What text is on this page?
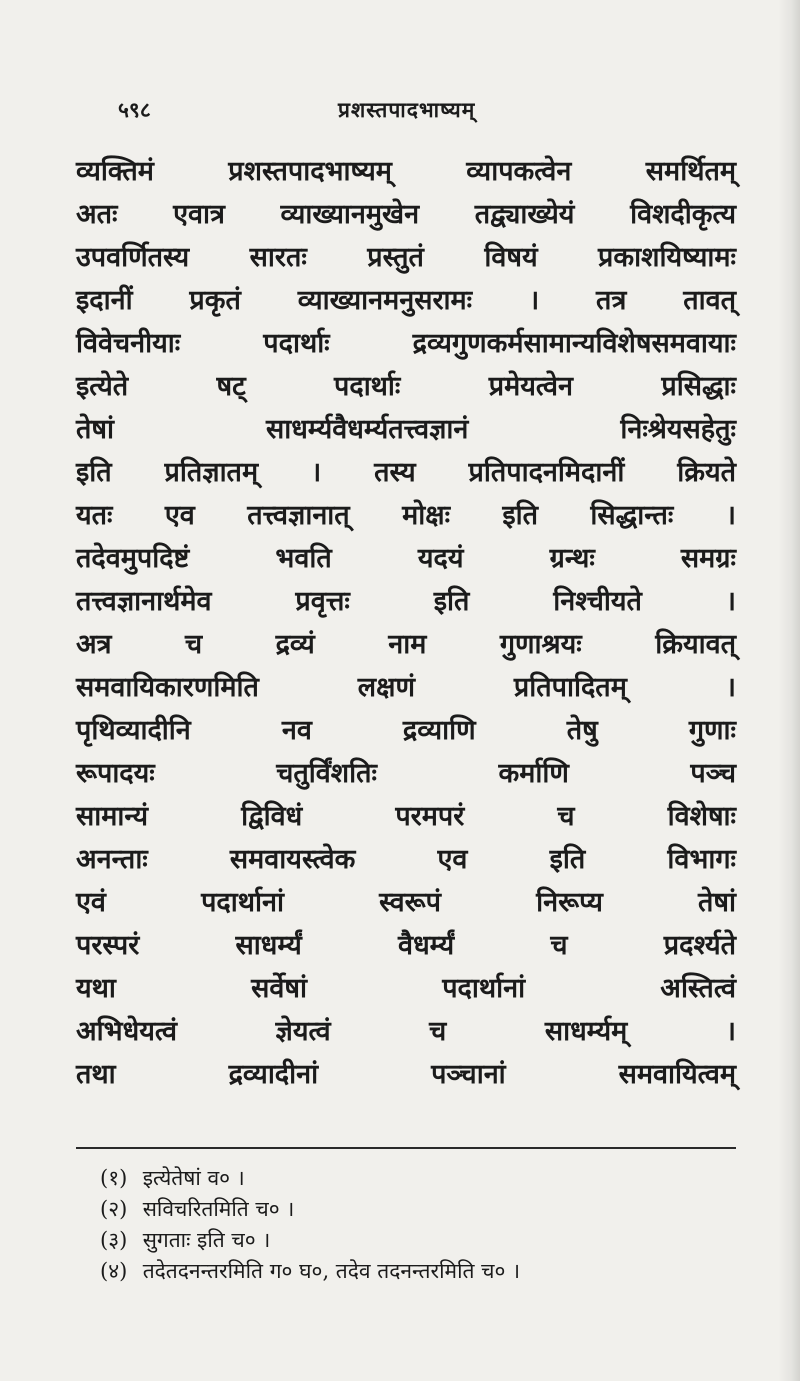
५९८	प्रशस्तपादभाष्यम्

व्यक्तिमं प्रशस्तपादभाष्यम् व्यापकत्वेन समर्थितम्

अतः एवात्र व्याख्यानमुखेन तद्व्याख्येयं विशदीकृत्य

उपवर्णितस्य सारतः प्रस्तुतं विषयं प्रकाशयिष्यामः

इदानीं प्रकृतं व्याख्यानमनुसरामः । तत्र तावत्

विवेचनीयाः पदार्थाः द्रव्यगुणकर्मसामान्यविशेषसमवायाः

इत्येते षट् पदार्थाः प्रमेयत्वेन प्रसिद्धाः

तेषां साधर्म्यवैधर्म्यतत्त्वज्ञानं निःश्रेयसहेतुः

इति प्रतिज्ञातम् । तस्य प्रतिपादनमिदानीं क्रियते

यतः एव तत्त्वज्ञानात् मोक्षः इति सिद्धान्तः ।

तदेवमुपदिष्टं भवति यदयं ग्रन्थः समग्रः

तत्त्वज्ञानार्थमेव प्रवृत्तः इति निश्चीयते ।

अत्र च द्रव्यं नाम गुणाश्रयः क्रियावत्

समवायिकारणमिति लक्षणं प्रतिपादितम् ।

पृथिव्यादीनि नव द्रव्याणि तेषु गुणाः

रूपादयः चतुर्विंशतिः कर्माणि पञ्च

सामान्यं द्विविधं परमपरं च विशेषाः

अनन्ताः समवायस्त्वेक एव इति विभागः

एवं पदार्थानां स्वरूपं निरूप्य तेषां

परस्परं साधर्म्यं वैधर्म्यं च प्रदर्श्यते

यथा सर्वेषां पदार्थानां अस्तित्वं

अभिधेयत्वं ज्ञेयत्वं च साधर्म्यम् ।

तथा द्रव्यादीनां पञ्चानां समवायित्वम्

(१) इत्येतेषां व० ।
(२) सविचरितमिति च० ।
(३) सुगताः इति च० ।
(४) तदेतदनन्तरमिति ग० घ०, तदेव तदनन्तरमिति च० ।
